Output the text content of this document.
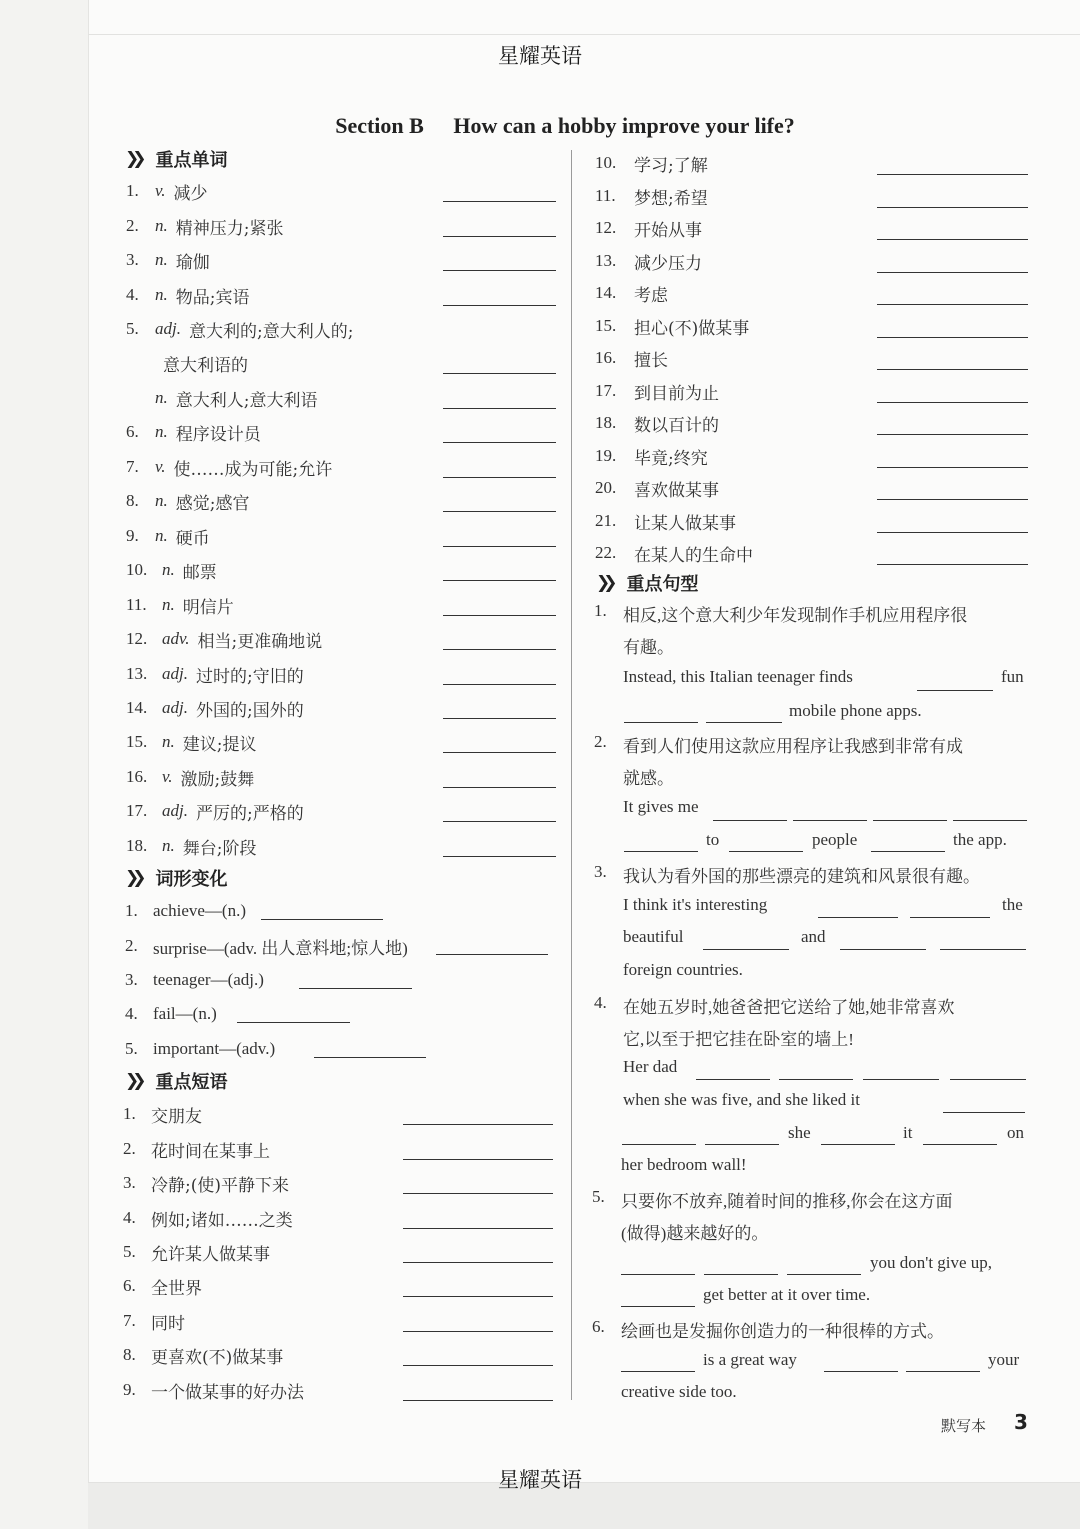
星耀英语
星耀英语
Section B How can a hobby improve your life?
❯❯ 重点单词
❯❯ 词形变化
❯❯ 重点短语
❯❯ 重点句型
1. v. 减少
2. n. 精神压力;紧张
3. n. 瑜伽
4. n. 物品;宾语
5. adj. 意大利的;意大利人的;
意大利语的
n. 意大利人;意大利语
6. n. 程序设计员
7. v. 使……成为可能;允许
8. n. 感觉;感官
9. n. 硬币
10. n. 邮票
11. n. 明信片
12. adv. 相当;更准确地说
13. adj. 过时的;守旧的
14. adj. 外国的;国外的
15. n. 建议;提议
16. v. 激励;鼓舞
17. adj. 严厉的;严格的
18. n. 舞台;阶段
1. achieve—(n.)
2. surprise—(adv. 出人意料地;惊人地)
3. teenager—(adj.)
4. fail—(n.)
5. important—(adv.)
1. 交朋友
2. 花时间在某事上
3. 冷静;(使)平静下来
4. 例如;诸如……之类
5. 允许某人做某事
6. 全世界
7. 同时
8. 更喜欢(不)做某事
9. 一个做某事的好办法
10.	学习;了解
11.	梦想;希望
12.	开始从事
13.	减少压力
14.	考虑
15.	担心(不)做某事
16.	擅长
17.	到目前为止
18.	数以百计的
19.	毕竟;终究
20.	喜欢做某事
21.	让某人做某事
22.	在某人的生命中
1. 相反,这个意大利少年发现制作手机应用程序很
有趣。
Instead, this Italian teenager finds	fun
mobile phone apps.
2. 看到人们使用这款应用程序让我感到非常有成
就感。
It gives me
to	people	the app.
3. 我认为看外国的那些漂亮的建筑和风景很有趣。
I think it's interesting	the
beautiful	and
foreign countries.
4. 在她五岁时,她爸爸把它送给了她,她非常喜欢
它,以至于把它挂在卧室的墙上!
Her dad
when she was five, and she liked it
she	it	on
her bedroom wall!
5. 只要你不放弃,随着时间的推移,你会在这方面
(做得)越来越好的。
you don't give up,
get better at it over time.
6. 绘画也是发掘你创造力的一种很棒的方式。
is a great way	your
creative side too.
默写本 3
